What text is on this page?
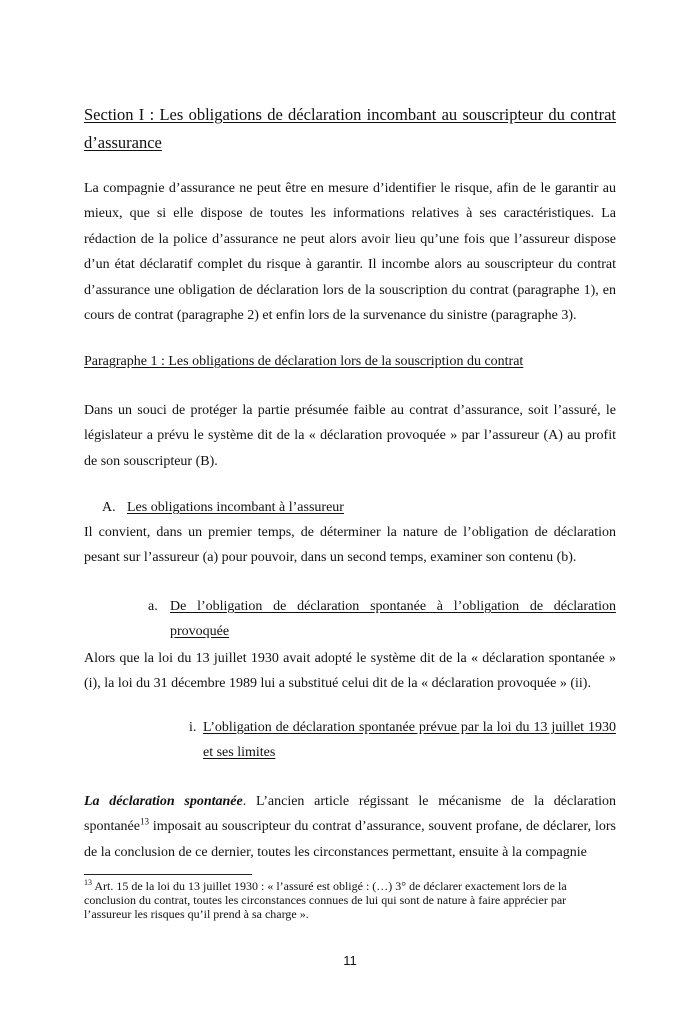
Section I : Les obligations de déclaration incombant au souscripteur du contrat d’assurance

La compagnie d’assurance ne peut être en mesure d’identifier le risque, afin de le garantir au mieux, que si elle dispose de toutes les informations relatives à ses caractéristiques. La rédaction de la police d’assurance ne peut alors avoir lieu qu’une fois que l’assureur dispose d’un état déclaratif complet du risque à garantir. Il incombe alors au souscripteur du contrat d’assurance une obligation de déclaration lors de la souscription du contrat (paragraphe 1), en cours de contrat (paragraphe 2) et enfin lors de la survenance du sinistre (paragraphe 3).

Paragraphe 1 : Les obligations de déclaration lors de la souscription du contrat

Dans un souci de protéger la partie présumée faible au contrat d’assurance, soit l’assuré, le législateur a prévu le système dit de la « déclaration provoquée » par l’assureur (A) au profit de son souscripteur (B).

A. Les obligations incombant à l’assureur

Il convient, dans un premier temps, de déterminer la nature de l’obligation de déclaration pesant sur l’assureur (a) pour pouvoir, dans un second temps, examiner son contenu (b).

a. De l’obligation de déclaration spontanée à l’obligation de déclaration provoquée

Alors que la loi du 13 juillet 1930 avait adopté le système dit de la « déclaration spontanée » (i), la loi du 31 décembre 1989 lui a substitué celui dit de la « déclaration provoquée » (ii).

i. L’obligation de déclaration spontanée prévue par la loi du 13 juillet 1930 et ses limites

La déclaration spontanée. L’ancien article régissant le mécanisme de la déclaration spontanée$^{13}$ imposait au souscripteur du contrat d’assurance, souvent profane, de déclarer, lors de la conclusion de ce dernier, toutes les circonstances permettant, ensuite à la compagnie

$^{13}$ Art. 15 de la loi du 13 juillet 1930 : « l’assuré est obligé : (…) 3° de déclarer exactement lors de la conclusion du contrat, toutes les circonstances connues de lui qui sont de nature à faire apprécier par l’assureur les risques qu’il prend à sa charge ».

11
